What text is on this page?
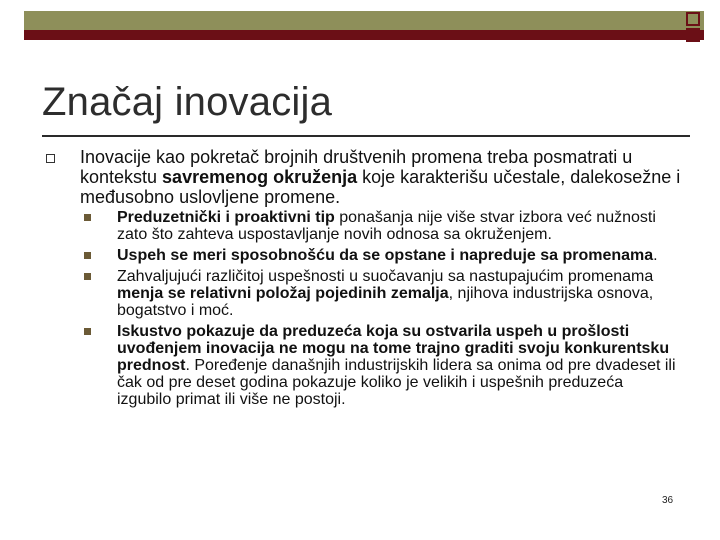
Značaj inovacija
Inovacije kao pokretač brojnih društvenih promena treba posmatrati u kontekstu savremenog okruženja koje karakterišu učestale, dalekosežne i međusobno uslovljene promene.
Preduzetnički i proaktivni tip ponašanja nije više stvar izbora već nužnosti zato što zahteva uspostavljanje novih odnosa sa okruženjem.
Uspeh se meri sposobnošću da se opstane i napreduje sa promenama.
Zahvaljujući različitoj uspešnosti u suočavanju sa nastupajućim promenama menja se relativni položaj pojedinih zemalja, njihova industrijska osnova, bogatstvo i moć.
Iskustvo pokazuje da preduzeća koja su ostvarila uspeh u prošlosti uvođenjem inovacija ne mogu na tome trajno graditi svoju konkurentsku prednost. Poređenje današnjih industrijskih lidera sa onima od pre dvadeset ili čak od pre deset godina pokazuje koliko je velikih i uspešnih preduzeća izgubilo primat ili više ne postoji.
36
